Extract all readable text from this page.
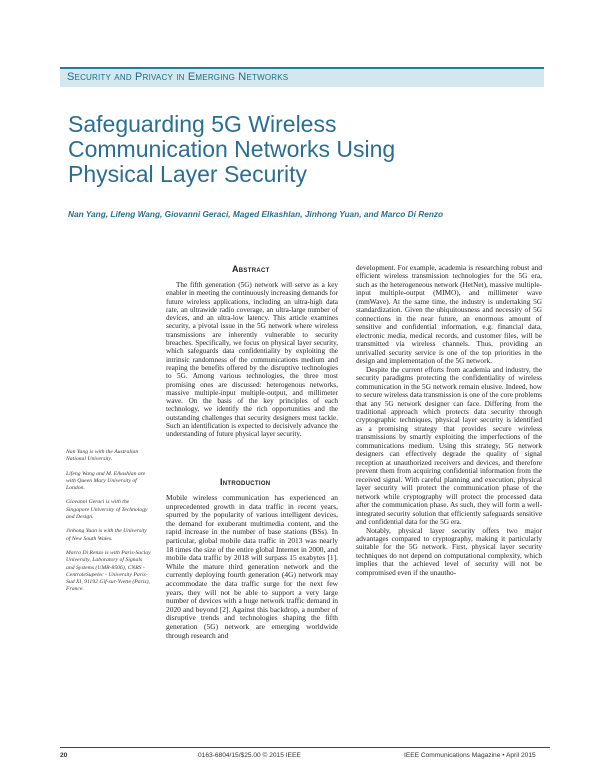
Security and Privacy in Emerging Networks
Safeguarding 5G Wireless
Communication Networks Using
Physical Layer Security
Nan Yang, Lifeng Wang, Giovanni Geraci, Maged Elkashlan, Jinhong Yuan, and Marco Di Renzo
Abstract

The fifth generation (5G) network will serve as a key enabler in meeting the continuously increasing demands for future wireless applications, including an ultra-high data rate, an ultrawide radio coverage, an ultra-large number of devices, and an ultra-low latency. This article examines security, a pivotal issue in the 5G network where wireless transmissions are inherently vulnerable to security breaches. Specifically, we focus on physical layer security, which safeguards data confidentiality by exploiting the intrinsic randomness of the communications medium and reaping the benefits offered by the disruptive technologies to 5G. Among various technologies, the three most promising ones are discussed: heterogenous networks, massive multiple-input multiple-output, and millimeter wave. On the basis of the key principles of each technology, we identify the rich opportunities and the outstanding challenges that security designers must tackle. Such an identification is expected to decisively advance the understanding of future physical layer security.

Introduction

Mobile wireless communication has experienced an unprecedented growth in data traffic in recent years, spurred by the popularity of various intelligent devices, the demand for exuberant multimedia content, and the rapid increase in the number of base stations (BSs). In particular, global mobile data traffic in 2013 was nearly 18 times the size of the entire global Internet in 2000, and mobile data traffic by 2018 will surpass 15 exabytes [1]. While the mature third generation network and the currently deploying fourth generation (4G) network may accommodate the data traffic surge for the next few years, they will not be able to support a very large number of devices with a huge network traffic demand in 2020 and beyond [2]. Against this backdrop, a number of disruptive trends and technologies shaping the fifth generation (5G) network are emerging worldwide through research and

development. For example, academia is researching robust and efficient wireless transmission technologies for the 5G era, such as the heterogeneous network (HetNet), massive multiple-input multiple-output (MIMO), and millimeter wave (mmWave). At the same time, the industry is undertaking 5G standardization. Given the ubiquitousness and necessity of 5G connections in the near future, an enormous amount of sensitive and confidential information, e.g. financial data, electronic media, medical records, and customer files, will be transmitted via wireless channels. Thus, providing an unrivalled security service is one of the top priorities in the design and implementation of the 5G network.

Despite the current efforts from academia and industry, the security paradigms protecting the confidentiality of wireless communication in the 5G network remain elusive. Indeed, how to secure wireless data transmission is one of the core problems that any 5G network designer can face. Differing from the traditional approach which protects data security through cryptographic techniques, physical layer security is identified as a promising strategy that provides secure wireless transmissions by smartly exploiting the imperfections of the communications medium. Using this strategy, 5G network designers can effectively degrade the quality of signal reception at unauthorized receivers and devices, and therefore prevent them from acquiring confidential information from the received signal. With careful planning and execution, physical layer security will protect the communication phase of the network while cryptography will protect the processed data after the communication phase. As such, they will form a well-integrated security solution that efficiently safeguards sensitive and confidential data for the 5G era.

Notably, physical layer security offers two major advantages compared to cryptography, making it particularly suitable for the 5G network. First, physical layer security techniques do not depend on computational complexity, which implies that the achieved level of security will not be compromised even if the unautho-

Nan Yang is with the Australian National University.

Lifeng Wang and M. Elkashlan are with Queen Mary University of London.

Giovanni Geraci is with the Singapore University of Technology and Design.

Jinhong Yuan is with the University of New South Wales.

Marco Di Renzo is with Paris-Saclay University, Laboratory of Signals and Systems (UMR-8506), CNRS - CentraleSupelec - University Paris-Sud XI, 91192 Gif-sur-Yvette (Paris), France.

20	0163-6804/15/$25.00 © 2015 IEEE	IEEE Communications Magazine • April 2015
